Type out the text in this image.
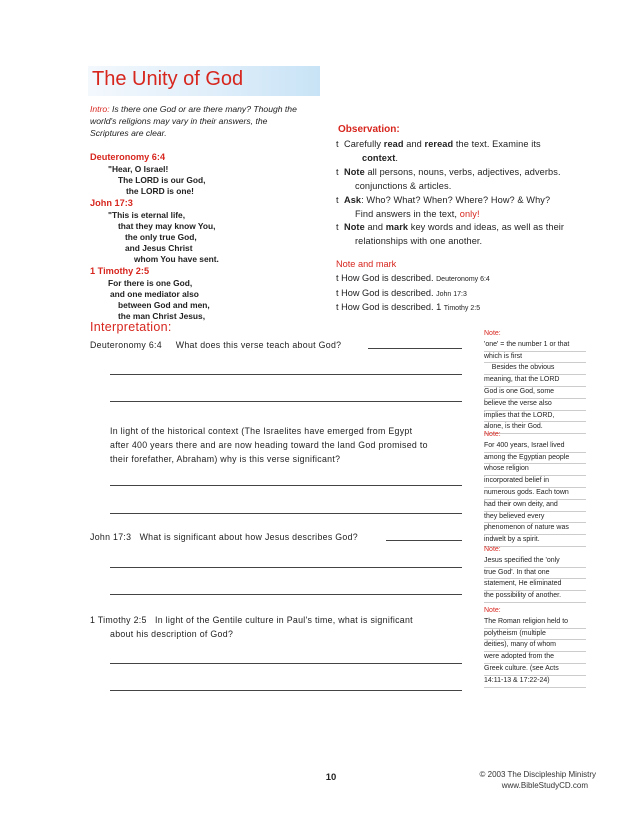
The Unity of God
Intro: Is there one God or are there many? Though the world's religions may vary in their answers, the Scriptures are clear.
Deuteronomy 6:4
"Hear, O Israel!
The LORD is our God,
the LORD is one!
John 17:3
"This is eternal life,
that they may know You,
the only true God,
and Jesus Christ
whom You have sent.
1 Timothy 2:5
For there is one God,
and one mediator also
between God and men,
the man Christ Jesus,
Observation:
t Carefully read and reread the text. Examine its
context.
t Note all persons, nouns, verbs, adjectives, adverbs.
conjunctions & articles.
t Ask: Who? What? When? Where? How? & Why?
Find answers in the text, only!
t Note and mark key words and ideas, as well as their
relationships with one another.
Note and mark
t How God is described. Deuteronomy 6:4
t How God is described. John 17:3
t How God is described. 1 Timothy 2:5
Interpretation:
Deuteronomy 6:4 What does this verse teach about God?
In light of the historical context (The Israelites have emerged from Egypt
after 400 years there and are now heading toward the land God promised to
their forefather, Abraham) why is this verse significant?
John 17:3 What is significant about how Jesus describes God?
1 Timothy 2:5 In light of the Gentile culture in Paul's time, what is significant
about his description of God?
Note:
'one' = the number 1 or that
which is first
Besides the obvious
meaning, that the LORD
God is one God, some
believe the verse also
implies that the LORD,
alone, is their God.
Note:
For 400 years, Israel lived
among the Egyptian people
whose religion
incorporated belief in
numerous gods. Each town
had their own deity, and
they believed every
phenomenon of nature was
indwelt by a spirit.
Note:
Jesus specified the 'only
true God'. In that one
statement, He eliminated
the possibility of another.
Note:
The Roman religion held to
polytheism (multiple
deities), many of whom
were adopted from the
Greek culture. (see Acts
14:11-13 & 17:22-24)
10	© 2003 The Discipleship Ministry
www.BibleStudyCD.com
